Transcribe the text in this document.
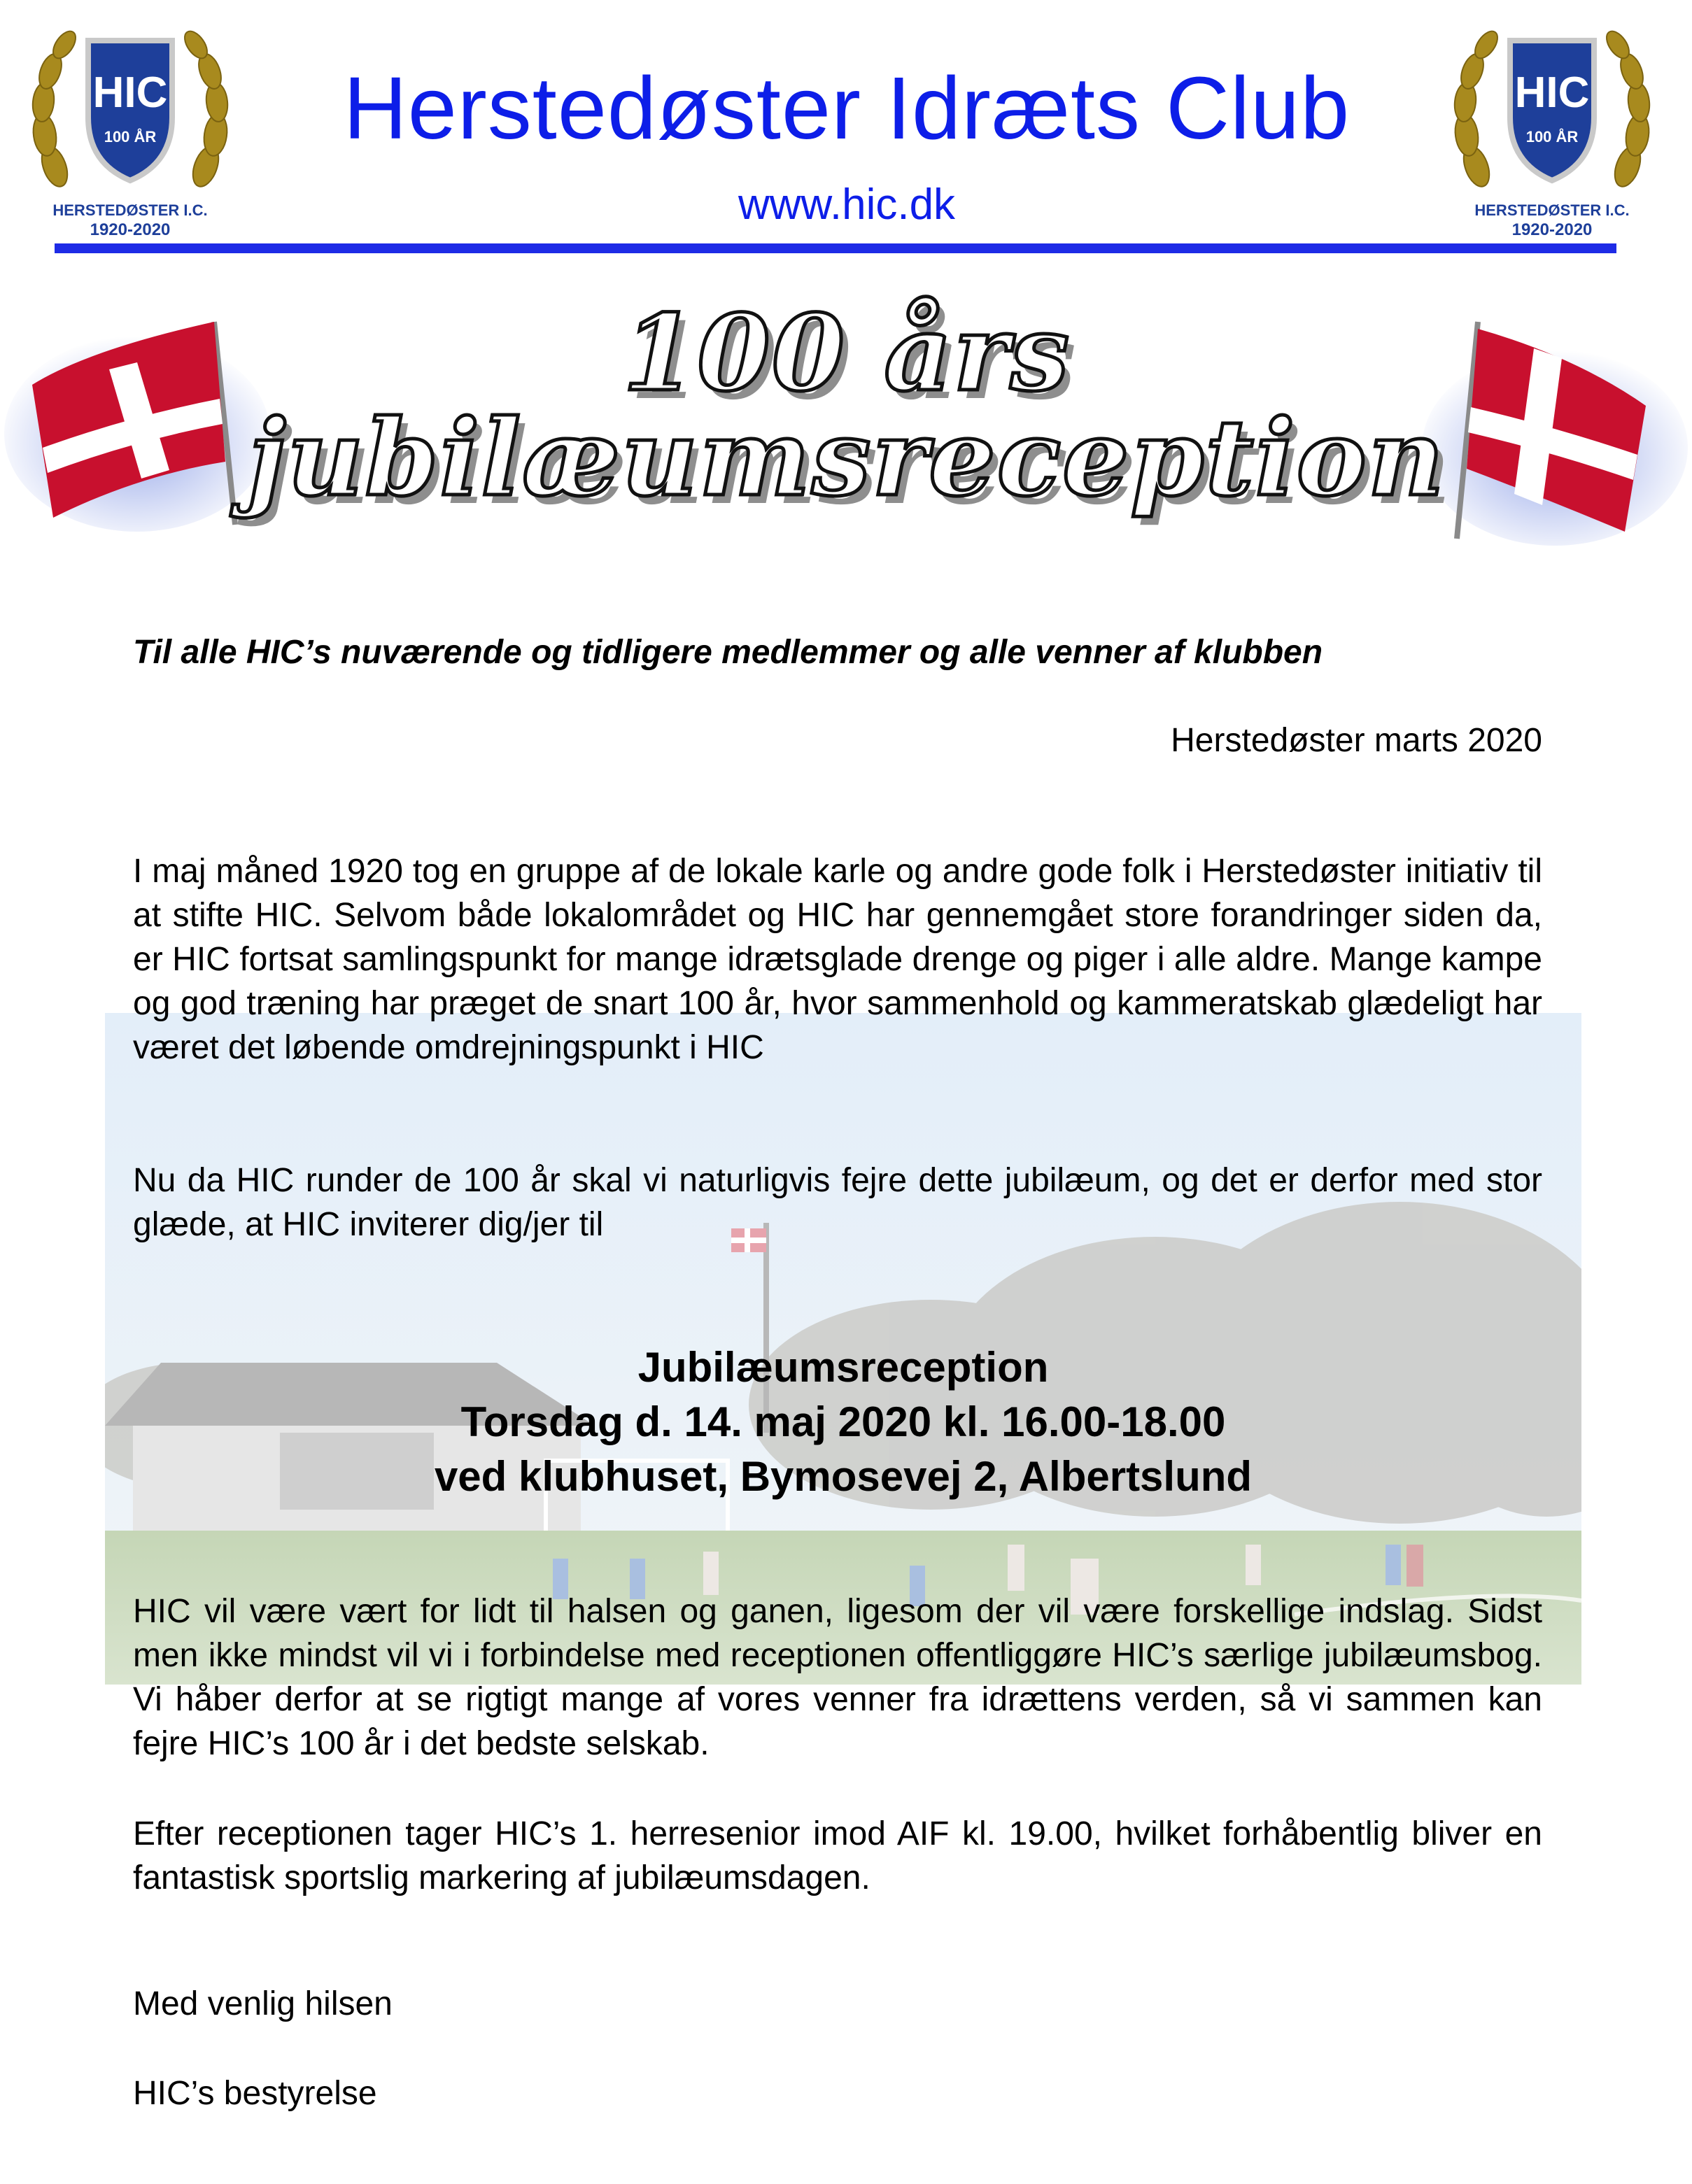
HIC
100 ÅR
HERSTEDØSTER I.C.
1920-2020
HIC
100 ÅR
HERSTEDØSTER I.C.
1920-2020
Herstedøster Idræts Club
www.hic.dk
100 års jubilæumsreception
Til alle HIC’s nuværende og tidligere medlemmer og alle venner af klubben
Herstedøster marts 2020
I maj måned 1920 tog en gruppe af de lokale karle og andre gode folk i Herstedøster initiativ til at stifte HIC. Selvom både lokalområdet og HIC har gennemgået store forandringer siden da, er HIC fortsat samlingspunkt for mange idrætsglade drenge og piger i alle aldre. Mange kampe og god træning har præget de snart 100 år, hvor sammenhold og kammeratskab glædeligt har været det løbende omdrejningspunkt i HIC
Nu da HIC runder de 100 år skal vi naturligvis fejre dette jubilæum, og det er derfor med stor glæde, at HIC inviterer dig/jer til
Jubilæumsreception
Torsdag d. 14. maj 2020 kl. 16.00-18.00
ved klubhuset, Bymosevej 2, Albertslund
HIC vil være vært for lidt til halsen og ganen, ligesom der vil være forskellige indslag. Sidst men ikke mindst vil vi i forbindelse med receptionen offentliggøre HIC’s særlige jubilæumsbog. Vi håber derfor at se rigtigt mange af vores venner fra idrættens verden, så vi sammen kan fejre HIC’s 100 år i det bedste selskab.
Efter receptionen tager HIC’s 1. herresenior imod AIF kl. 19.00, hvilket forhåbentlig bliver en fantastisk sportslig markering af jubilæumsdagen.
Med venlig hilsen
HIC’s bestyrelse
